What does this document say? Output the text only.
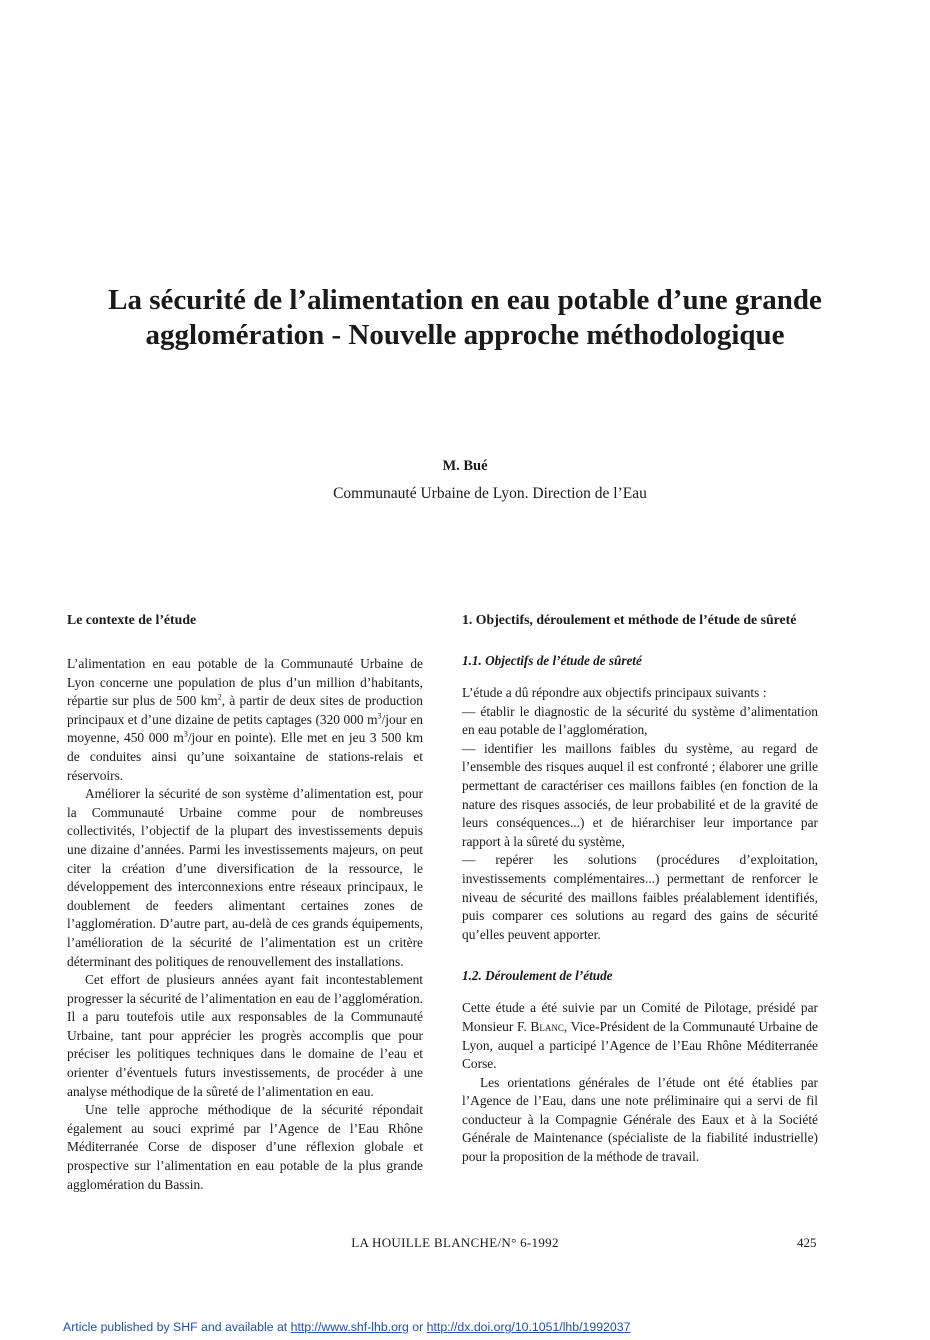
La sécurité de l’alimentation en eau potable d’une grande agglomération - Nouvelle approche méthodologique

M. Bué

Communauté Urbaine de Lyon. Direction de l’Eau

Le contexte de l’étude

L’alimentation en eau potable de la Communauté Urbaine de Lyon concerne une population de plus d’un million d’habitants, répartie sur plus de 500 $km^2$, à partir de deux sites de production principaux et d’une dizaine de petits captages (320 000 $m^3$/jour en moyenne, 450 000 $m^3$/jour en pointe). Elle met en jeu 3 500 km de conduites ainsi qu’une soixantaine de stations-relais et réservoirs.

Améliorer la sécurité de son système d’alimentation est, pour la Communauté Urbaine comme pour de nombreuses collectivités, l’objectif de la plupart des investissements depuis une dizaine d’années. Parmi les investissements majeurs, on peut citer la création d’une diversification de la ressource, le développement des interconnexions entre réseaux principaux, le doublement de feeders alimentant certaines zones de l’agglomération. D’autre part, au-delà de ces grands équipements, l’amélioration de la sécurité de l’alimentation est un critère déterminant des politiques de renouvellement des installations.

Cet effort de plusieurs années ayant fait incontestablement progresser la sécurité de l’alimentation en eau de l’agglomération. Il a paru toutefois utile aux responsables de la Communauté Urbaine, tant pour apprécier les progrès accomplis que pour préciser les politiques techniques dans le domaine de l’eau et orienter d’éventuels futurs investissements, de procéder à une analyse méthodique de la sûreté de l’alimentation en eau.

Une telle approche méthodique de la sécurité répondait également au souci exprimé par l’Agence de l’Eau Rhône Méditerranée Corse de disposer d’une réflexion globale et prospective sur l’alimentation en eau potable de la plus grande agglomération du Bassin.

1. Objectifs, déroulement et méthode de l’étude de sûreté
1.1. Objectifs de l’étude de sûreté

L’étude a dû répondre aux objectifs principaux suivants :

— établir le diagnostic de la sécurité du système d’alimentation en eau potable de l’agglomération,

— identifier les maillons faibles du système, au regard de l’ensemble des risques auquel il est confronté ; élaborer une grille permettant de caractériser ces maillons faibles (en fonction de la nature des risques associés, de leur probabilité et de la gravité de leurs conséquences...) et de hiérarchiser leur importance par rapport à la sûreté du système,

— repérer les solutions (procédures d’exploitation, investissements complémentaires...) permettant de renforcer le niveau de sécurité des maillons faibles préalablement identifiés, puis comparer ces solutions au regard des gains de sécurité qu’elles peuvent apporter.

1.2. Déroulement de l’étude

Cette étude a été suivie par un Comité de Pilotage, présidé par Monsieur F. Blanc, Vice-Président de la Communauté Urbaine de Lyon, auquel a participé l’Agence de l’Eau Rhône Méditerranée Corse.

Les orientations générales de l’étude ont été établies par l’Agence de l’Eau, dans une note préliminaire qui a servi de fil conducteur à la Compagnie Générale des Eaux et à la Société Générale de Maintenance (spécialiste de la fiabilité industrielle) pour la proposition de la méthode de travail.

LA HOUILLE BLANCHE/N° 6-1992	425

Article published by SHF and available at http://www.shf-lhb.org or http://dx.doi.org/10.1051/lhb/1992037
